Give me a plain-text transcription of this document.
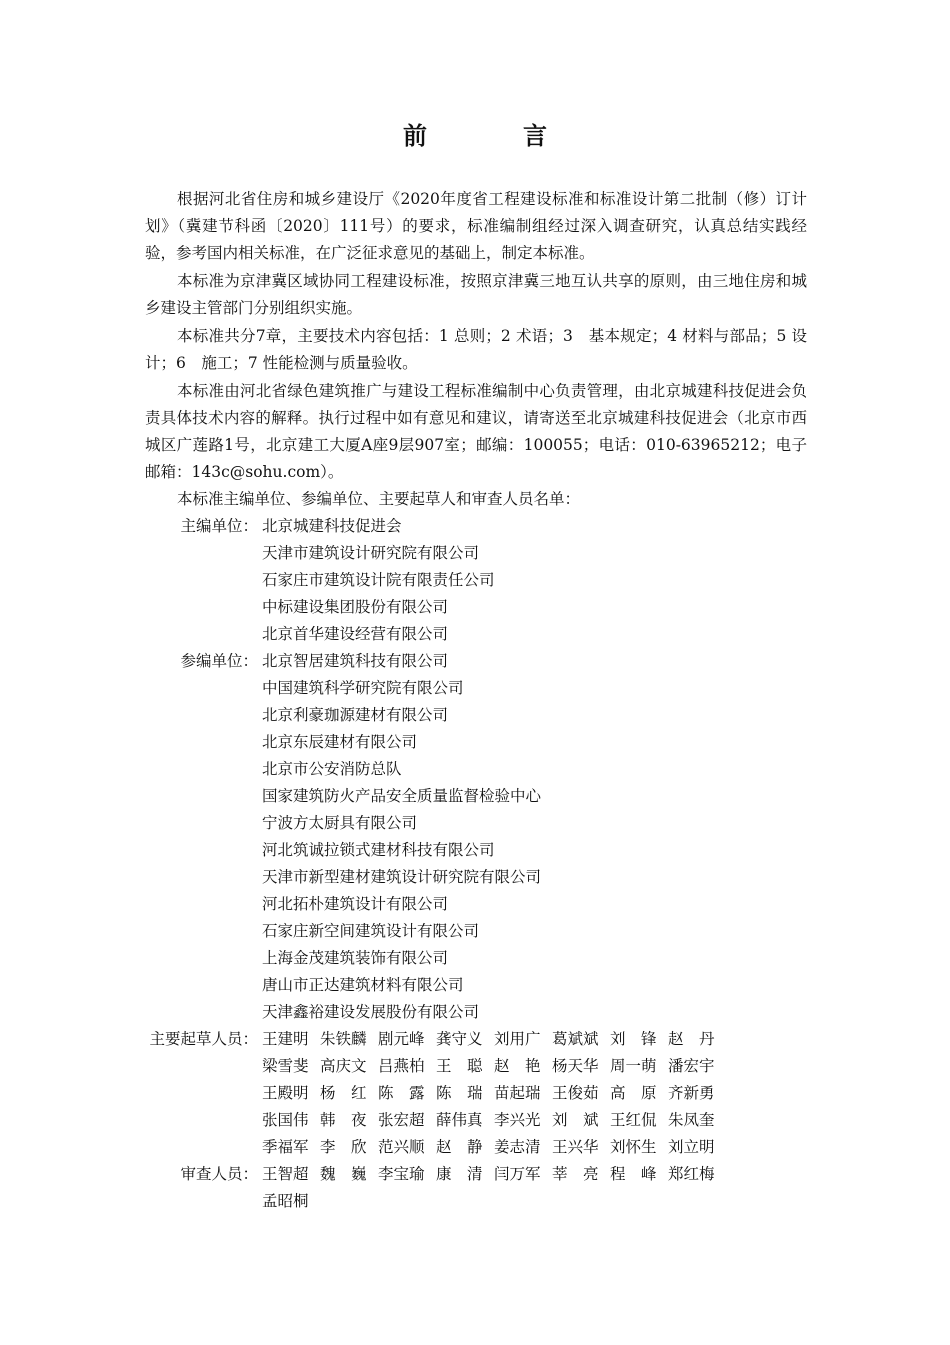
前　言
根据河北省住房和城乡建设厅《2020年度省工程建设标准和标准设计第二批制（修）订计划》（冀建节科函〔2020〕111号）的要求，标准编制组经过深入调查研究，认真总结实践经验，参考国内相关标准，在广泛征求意见的基础上，制定本标准。
本标准为京津冀区域协同工程建设标准，按照京津冀三地互认共享的原则，由三地住房和城乡建设主管部门分别组织实施。
本标准共分7章，主要技术内容包括：1 总则；2 术语；3　基本规定；4 材料与部品；5 设计；6　施工；7 性能检测与质量验收。
本标准由河北省绿色建筑推广与建设工程标准编制中心负责管理，由北京城建科技促进会负责具体技术内容的解释。执行过程中如有意见和建议，请寄送至北京城建科技促进会（北京市西城区广莲路1号，北京建工大厦A座9层907室；邮编：100055；电话：010-63965212；电子邮箱：143c@sohu.com）。
本标准主编单位、参编单位、主要起草人和审查人员名单：
主编单位： 北京城建科技促进会
天津市建筑设计研究院有限公司
石家庄市建筑设计院有限责任公司
中标建设集团股份有限公司
北京首华建设经营有限公司
参编单位： 北京智居建筑科技有限公司
中国建筑科学研究院有限公司
北京利豪珈源建材有限公司
北京东辰建材有限公司
北京市公安消防总队
国家建筑防火产品安全质量监督检验中心
宁波方太厨具有限公司
河北筑诚拉锁式建材科技有限公司
天津市新型建材建筑设计研究院有限公司
河北拓朴建筑设计有限公司
石家庄新空间建筑设计有限公司
上海金茂建筑装饰有限公司
唐山市正达建筑材料有限公司
天津鑫裕建设发展股份有限公司
主要起草人员： 王建明 朱铁麟 剧元峰 龚守义 刘用广 葛斌斌 刘　锋 赵　丹
梁雪斐 高庆文 吕燕柏 王　聪 赵　艳 杨天华 周一萌 潘宏宇
王殿明 杨　红 陈　露 陈　瑞 苗起瑞 王俊茹 高　原 齐新勇
张国伟 韩　夜 张宏超 薛伟真 李兴光 刘　斌 王红侃 朱凤奎
季福军 李　欣 范兴顺 赵　静 姜志清 王兴华 刘怀生 刘立明
审查人员： 王智超 魏　巍 李宝瑜 康　清 闫万军 莘　亮 程　峰 郑红梅
孟昭桐
